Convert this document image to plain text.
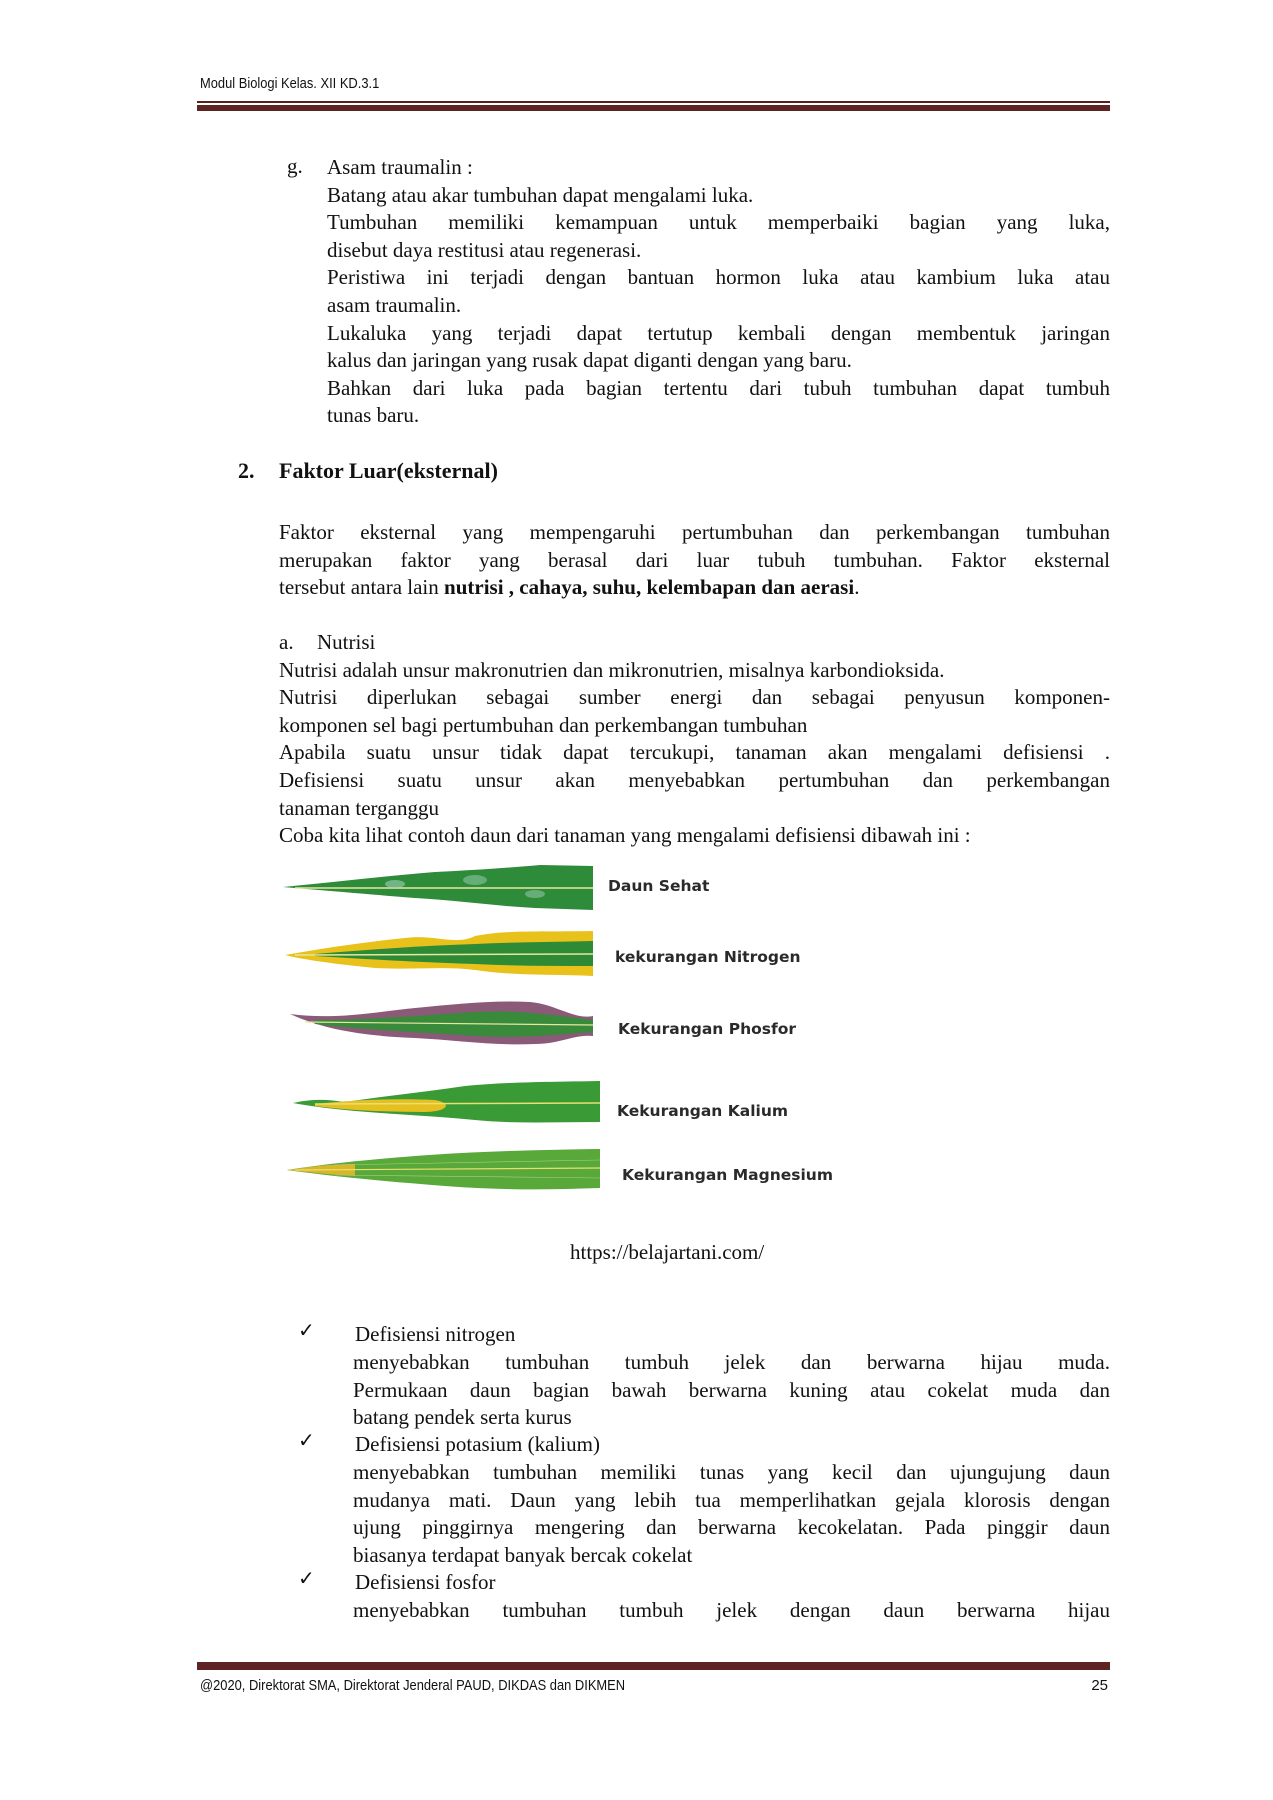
Modul Biologi Kelas. XII KD.3.1
g. Asam traumalin :
Batang atau akar tumbuhan dapat mengalami luka.
Tumbuhan memiliki kemampuan untuk memperbaiki bagian yang luka,
disebut daya restitusi atau regenerasi.
Peristiwa ini terjadi dengan bantuan hormon luka atau kambium luka atau
asam traumalin.
Lukaluka yang terjadi dapat tertutup kembali dengan membentuk jaringan
kalus dan jaringan yang rusak dapat diganti dengan yang baru.
Bahkan dari luka pada bagian tertentu dari tubuh tumbuhan dapat tumbuh
tunas baru.
2. Faktor Luar(eksternal)
Faktor eksternal yang mempengaruhi pertumbuhan dan perkembangan tumbuhan
merupakan faktor yang berasal dari luar tubuh tumbuhan. Faktor eksternal
tersebut antara lain nutrisi , cahaya, suhu, kelembapan dan aerasi.
a. Nutrisi
Nutrisi adalah unsur makronutrien dan mikronutrien, misalnya karbondioksida.
Nutrisi diperlukan sebagai sumber energi dan sebagai penyusun komponen-
komponen sel bagi pertumbuhan dan perkembangan tumbuhan
Apabila suatu unsur tidak dapat tercukupi, tanaman akan mengalami defisiensi .
Defisiensi suatu unsur akan menyebabkan pertumbuhan dan perkembangan
tanaman terganggu
Coba kita lihat contoh daun dari tanaman yang mengalami defisiensi dibawah ini :
Daun Sehat
kekurangan Nitrogen
Kekurangan Phosfor
Kekurangan Kalium
Kekurangan Magnesium
https://belajartani.com/
✓ Defisiensi nitrogen
menyebabkan tumbuhan tumbuh jelek dan berwarna hijau muda.
Permukaan daun bagian bawah berwarna kuning atau cokelat muda dan
batang pendek serta kurus
✓ Defisiensi potasium (kalium)
menyebabkan tumbuhan memiliki tunas yang kecil dan ujungujung daun
mudanya mati. Daun yang lebih tua memperlihatkan gejala klorosis dengan
ujung pinggirnya mengering dan berwarna kecokelatan. Pada pinggir daun
biasanya terdapat banyak bercak cokelat
✓ Defisiensi fosfor
menyebabkan tumbuhan tumbuh jelek dengan daun berwarna hijau
@2020, Direktorat SMA, Direktorat Jenderal PAUD, DIKDAS dan DIKMEN	25
